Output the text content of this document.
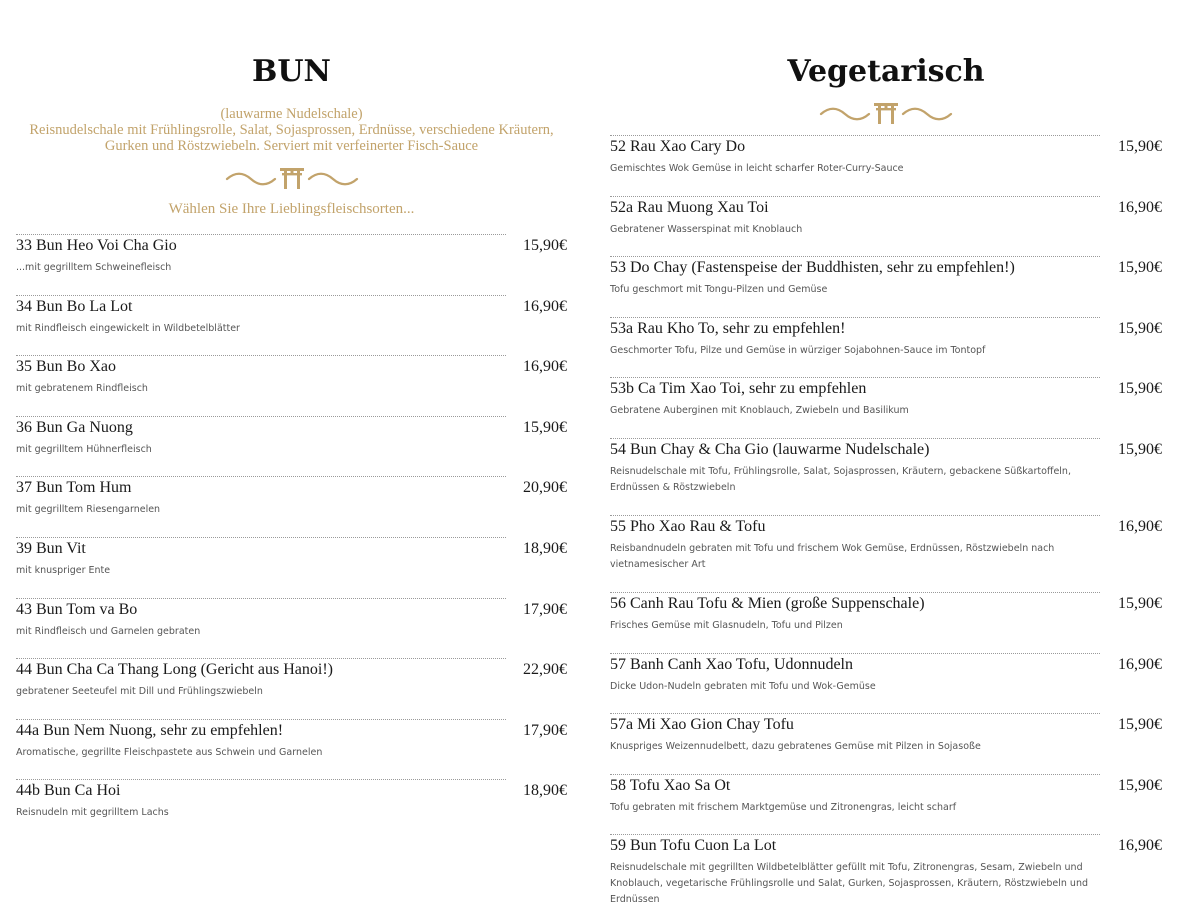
BUN
(lauwarme Nudelschale)
Reisnudelschale mit Frühlingsrolle, Salat, Sojasprossen, Erdnüsse, verschiedene Kräutern,
Gurken und Röstzwiebeln. Serviert mit verfeinerter Fisch-Sauce
Wählen Sie Ihre Lieblingsfleischsorten...
33 Bun Heo Voi Cha Gio	15,90€
...mit gegrilltem Schweinefleisch
34 Bun Bo La Lot	16,90€
mit Rindfleisch eingewickelt in Wildbetelblätter
35 Bun Bo Xao	16,90€
mit gebratenem Rindfleisch
36 Bun Ga Nuong	15,90€
mit gegrilltem Hühnerfleisch
37 Bun Tom Hum	20,90€
mit gegrilltem Riesengarnelen
39 Bun Vit	18,90€
mit knuspriger Ente
43 Bun Tom va Bo	17,90€
mit Rindfleisch und Garnelen gebraten
44 Bun Cha Ca Thang Long (Gericht aus Hanoi!)	22,90€
gebratener Seeteufel mit Dill und Frühlingszwiebeln
44a Bun Nem Nuong, sehr zu empfehlen!	17,90€
Aromatische, gegrillte Fleischpastete aus Schwein und Garnelen
44b Bun Ca Hoi	18,90€
Reisnudeln mit gegrilltem Lachs
Vegetarisch
52 Rau Xao Cary Do	15,90€
Gemischtes Wok Gemüse in leicht scharfer Roter-Curry-Sauce
52a Rau Muong Xau Toi	16,90€
Gebratener Wasserspinat mit Knoblauch
53 Do Chay (Fastenspeise der Buddhisten, sehr zu empfehlen!)	15,90€
Tofu geschmort mit Tongu-Pilzen und Gemüse
53a Rau Kho To, sehr zu empfehlen!	15,90€
Geschmorter Tofu, Pilze und Gemüse in würziger Sojabohnen-Sauce im Tontopf
53b Ca Tim Xao Toi, sehr zu empfehlen	15,90€
Gebratene Auberginen mit Knoblauch, Zwiebeln und Basilikum
54 Bun Chay & Cha Gio (lauwarme Nudelschale)	15,90€
Reisnudelschale mit Tofu, Frühlingsrolle, Salat, Sojasprossen, Kräutern, gebackene Süßkartoffeln, Erdnüssen & Röstzwiebeln
55 Pho Xao Rau & Tofu	16,90€
Reisbandnudeln gebraten mit Tofu und frischem Wok Gemüse, Erdnüssen, Röstzwiebeln nach vietnamesischer Art
56 Canh Rau Tofu & Mien (große Suppenschale)	15,90€
Frisches Gemüse mit Glasnudeln, Tofu und Pilzen
57 Banh Canh Xao Tofu, Udonnudeln	16,90€
Dicke Udon-Nudeln gebraten mit Tofu und Wok-Gemüse
57a Mi Xao Gion Chay Tofu	15,90€
Knuspriges Weizennudelbett, dazu gebratenes Gemüse mit Pilzen in Sojasoße
58 Tofu Xao Sa Ot	15,90€
Tofu gebraten mit frischem Marktgemüse und Zitronengras, leicht scharf
59 Bun Tofu Cuon La Lot	16,90€
Reisnudelschale mit gegrillten Wildbetelblätter gefüllt mit Tofu, Zitronengras, Sesam, Zwiebeln und Knoblauch, vegetarische Frühlingsrolle und Salat, Gurken, Sojasprossen, Kräutern, Röstzwiebeln und Erdnüssen
